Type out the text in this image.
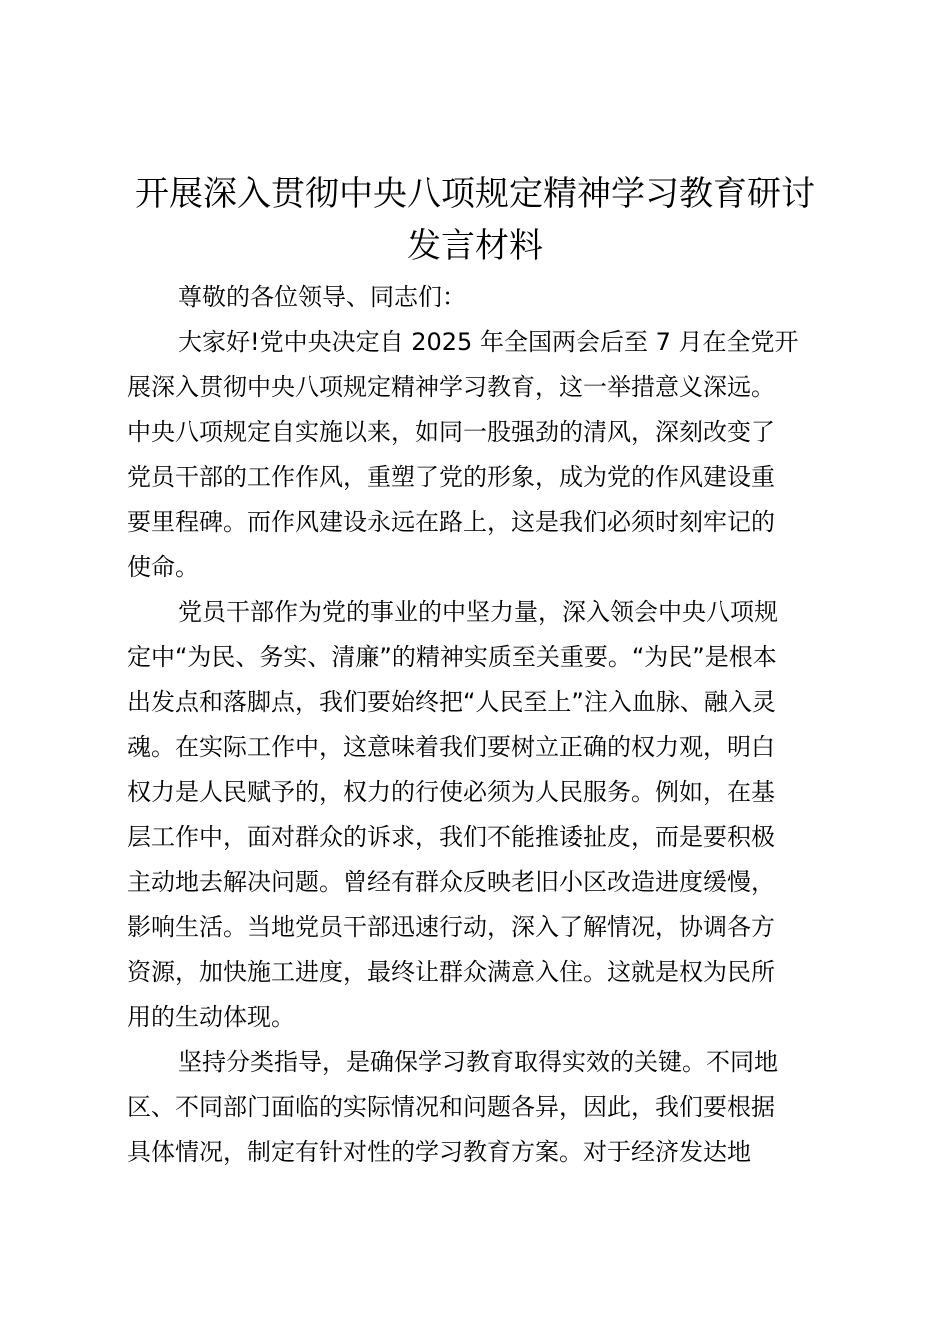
开展深入贯彻中央八项规定精神学习教育研讨
发言材料
尊敬的各位领导、同志们：
大家好!党中央决定自 2025 年全国两会后至 7 月在全党开
展深入贯彻中央八项规定精神学习教育，这一举措意义深远。
中央八项规定自实施以来，如同一股强劲的清风，深刻改变了
党员干部的工作作风，重塑了党的形象，成为党的作风建设重
要里程碑。而作风建设永远在路上，这是我们必须时刻牢记的
使命。
党员干部作为党的事业的中坚力量，深入领会中央八项规
定中“为民、务实、清廉”的精神实质至关重要。“为民”是根本
出发点和落脚点，我们要始终把“人民至上”注入血脉、融入灵
魂。在实际工作中，这意味着我们要树立正确的权力观，明白
权力是人民赋予的，权力的行使必须为人民服务。例如，在基
层工作中，面对群众的诉求，我们不能推诿扯皮，而是要积极
主动地去解决问题。曾经有群众反映老旧小区改造进度缓慢，
影响生活。当地党员干部迅速行动，深入了解情况，协调各方
资源，加快施工进度，最终让群众满意入住。这就是权为民所
用的生动体现。
坚持分类指导，是确保学习教育取得实效的关键。不同地
区、不同部门面临的实际情况和问题各异，因此，我们要根据
具体情况，制定有针对性的学习教育方案。对于经济发达地
